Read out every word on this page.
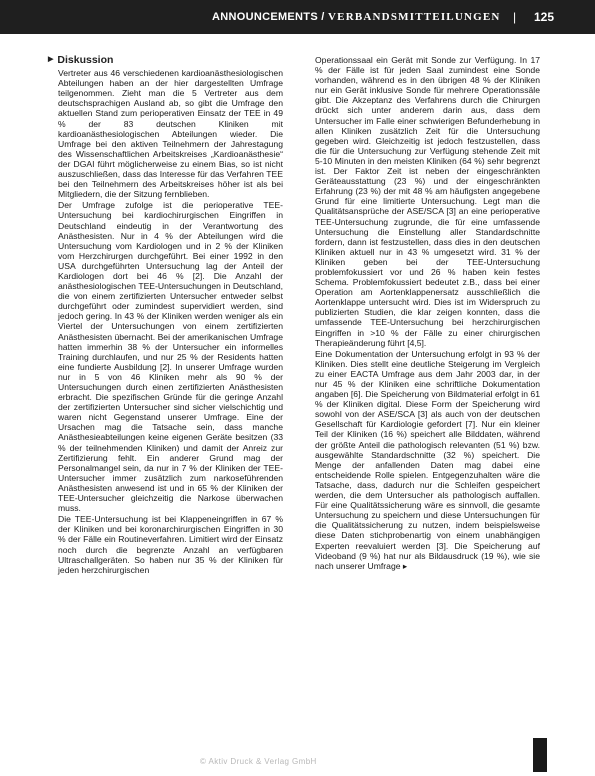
ANNOUNCEMENTS / VERBANDSMITTEILUNGEN | 125
▶ Diskussion

Vertreter aus 46 verschiedenen kardioanästhesiologischen Abteilungen haben an der hier dargestellten Umfrage teilgenommen. Zieht man die 5 Vertreter aus dem deutschsprachigen Ausland ab, so gibt die Umfrage den aktuellen Stand zum perioperativen Einsatz der TEE in 49 % der 83 deutschen Kliniken mit kardioanästhesiologischen Abteilungen wieder. Die Umfrage bei den aktiven Teilnehmern der Jahrestagung des Wissenschaftlichen Arbeitskreises „Kardioanästhesie“ der DGAI führt möglicherweise zu einem Bias, so ist nicht auszuschließen, dass das Interesse für das Verfahren TEE bei den Teilnehmern des Arbeitskreises höher ist als bei Mitgliedern, die der Sitzung fernblieben.

Der Umfrage zufolge ist die perioperative TEE-Untersuchung bei kardiochirurgischen Eingriffen in Deutschland eindeutig in der Verantwortung des Anästhesisten. Nur in 4 % der Abteilungen wird die Untersuchung vom Kardiologen und in 2 % der Kliniken vom Herzchirurgen durchgeführt. Bei einer 1992 in den USA durchgeführten Untersuchung lag der Anteil der Kardiologen dort bei 46 % [2]. Die Anzahl der anästhesiologischen TEE-Untersuchungen in Deutschland, die von einem zertifizierten Untersucher entweder selbst durchgeführt oder zumindest supervidiert werden, sind jedoch gering. In 43 % der Kliniken werden weniger als ein Viertel der Untersuchungen von einem zertifizierten Anästhesisten übernacht. Bei der amerikanischen Umfrage hatten immerhin 38 % der Untersucher ein informelles Training durchlaufen, und nur 25 % der Residents hatten eine fundierte Ausbildung [2]. In unserer Umfrage wurden nur in 5 von 46 Kliniken mehr als 90 % der Untersuchungen durch einen zertifizierten Anästhesisten erbracht. Die spezifischen Gründe für die geringe Anzahl der zertifizierten Untersucher sind sicher vielschichtig und waren nicht Gegenstand unserer Umfrage. Eine der Ursachen mag die Tatsache sein, dass manche Anästhesieabteilungen keine eigenen Geräte besitzen (33 % der teilnehmenden Kliniken) und damit der Anreiz zur Zertifizierung fehlt. Ein anderer Grund mag der Personalmangel sein, da nur in 7 % der Kliniken der TEE-Untersucher immer zusätzlich zum narkoseführenden Anästhesisten anwesend ist und in 65 % der Kliniken der TEE-Untersucher gleichzeitig die Narkose überwachen muss.

Die TEE-Untersuchung ist bei Klappeneingriffen in 67 % der Kliniken und bei koronarchirurgischen Eingriffen in 30 % der Fälle ein Routineverfahren. Limitiert wird der Einsatz noch durch die begrenzte Anzahl an verfügbaren Ultraschallgeräten. So haben nur 35 % der Kliniken für jeden herzchirurgischen

Operationssaal ein Gerät mit Sonde zur Verfügung. In 17 % der Fälle ist für jeden Saal zumindest eine Sonde vorhanden, während es in den übrigen 48 % der Kliniken nur ein Gerät inklusive Sonde für mehrere Operationssäle gibt. Die Akzeptanz des Verfahrens durch die Chirurgen drückt sich unter anderem darin aus, dass dem Untersucher im Falle einer schwierigen Befunderhebung in allen Kliniken zusätzlich Zeit für die Untersuchung gegeben wird. Gleichzeitig ist jedoch festzustellen, dass die für die Untersuchung zur Verfügung stehende Zeit mit 5-10 Minuten in den meisten Kliniken (64 %) sehr begrenzt ist. Der Faktor Zeit ist neben der eingeschränkten Geräteausstattung (23 %) und der eingeschränkten Erfahrung (23 %) der mit 48 % am häufigsten angegebene Grund für eine limitierte Untersuchung. Legt man die Qualitätsansprüche der ASE/SCA [3] an eine perioperative TEE-Untersuchung zugrunde, die für eine umfassende Untersuchung die Einstellung aller Standardschnitte fordern, dann ist festzustellen, dass dies in den deutschen Kliniken aktuell nur in 43 % umgesetzt wird. 31 % der Kliniken geben bei der TEE-Untersuchung problemfokussiert vor und 26 % haben kein festes Schema. Problemfokussiert bedeutet z.B., dass bei einer Operation am Aortenklappenersatz ausschließlich die Aortenklappe untersucht wird. Dies ist im Widerspruch zu publizierten Studien, die klar zeigen konnten, dass die umfassende TEE-Untersuchung bei herzchirurgischen Eingriffen in >10 % der Fälle zu einer chirurgischen Therapieänderung führt [4,5].

Eine Dokumentation der Untersuchung erfolgt in 93 % der Kliniken. Dies stellt eine deutliche Steigerung im Vergleich zu einer EACTA Umfrage aus dem Jahr 2003 dar, in der nur 45 % der Kliniken eine schriftliche Dokumentation angaben [6]. Die Speicherung von Bildmaterial erfolgt in 61 % der Kliniken digital. Diese Form der Speicherung wird sowohl von der ASE/SCA [3] als auch von der deutschen Gesellschaft für Kardiologie gefordert [7]. Nur ein kleiner Teil der Kliniken (16 %) speichert alle Bilddaten, während der größte Anteil die pathologisch relevanten (51 %) bzw. ausgewählte Standardschnitte (32 %) speichert. Die Menge der anfallenden Daten mag dabei eine entscheidende Rolle spielen. Entgegenzuhalten wäre die Tatsache, dass, dadurch nur die Schleifen gespeichert werden, die dem Untersucher als pathologisch auffallen. Für eine Qualitätssicherung wäre es sinnvoll, die gesamte Untersuchung zu speichern und diese Untersuchungen für die Qualitätssicherung zu nutzen, indem beispielsweise diese Daten stichprobenartig von einem unabhängigen Experten reevaluiert werden [3]. Die Speicherung auf Videoband (9 %) hat nur als Bildausdruck (19 %), wie sie nach unserer Umfrage ▸

© Aktiv Druck & Verlag GmbH
